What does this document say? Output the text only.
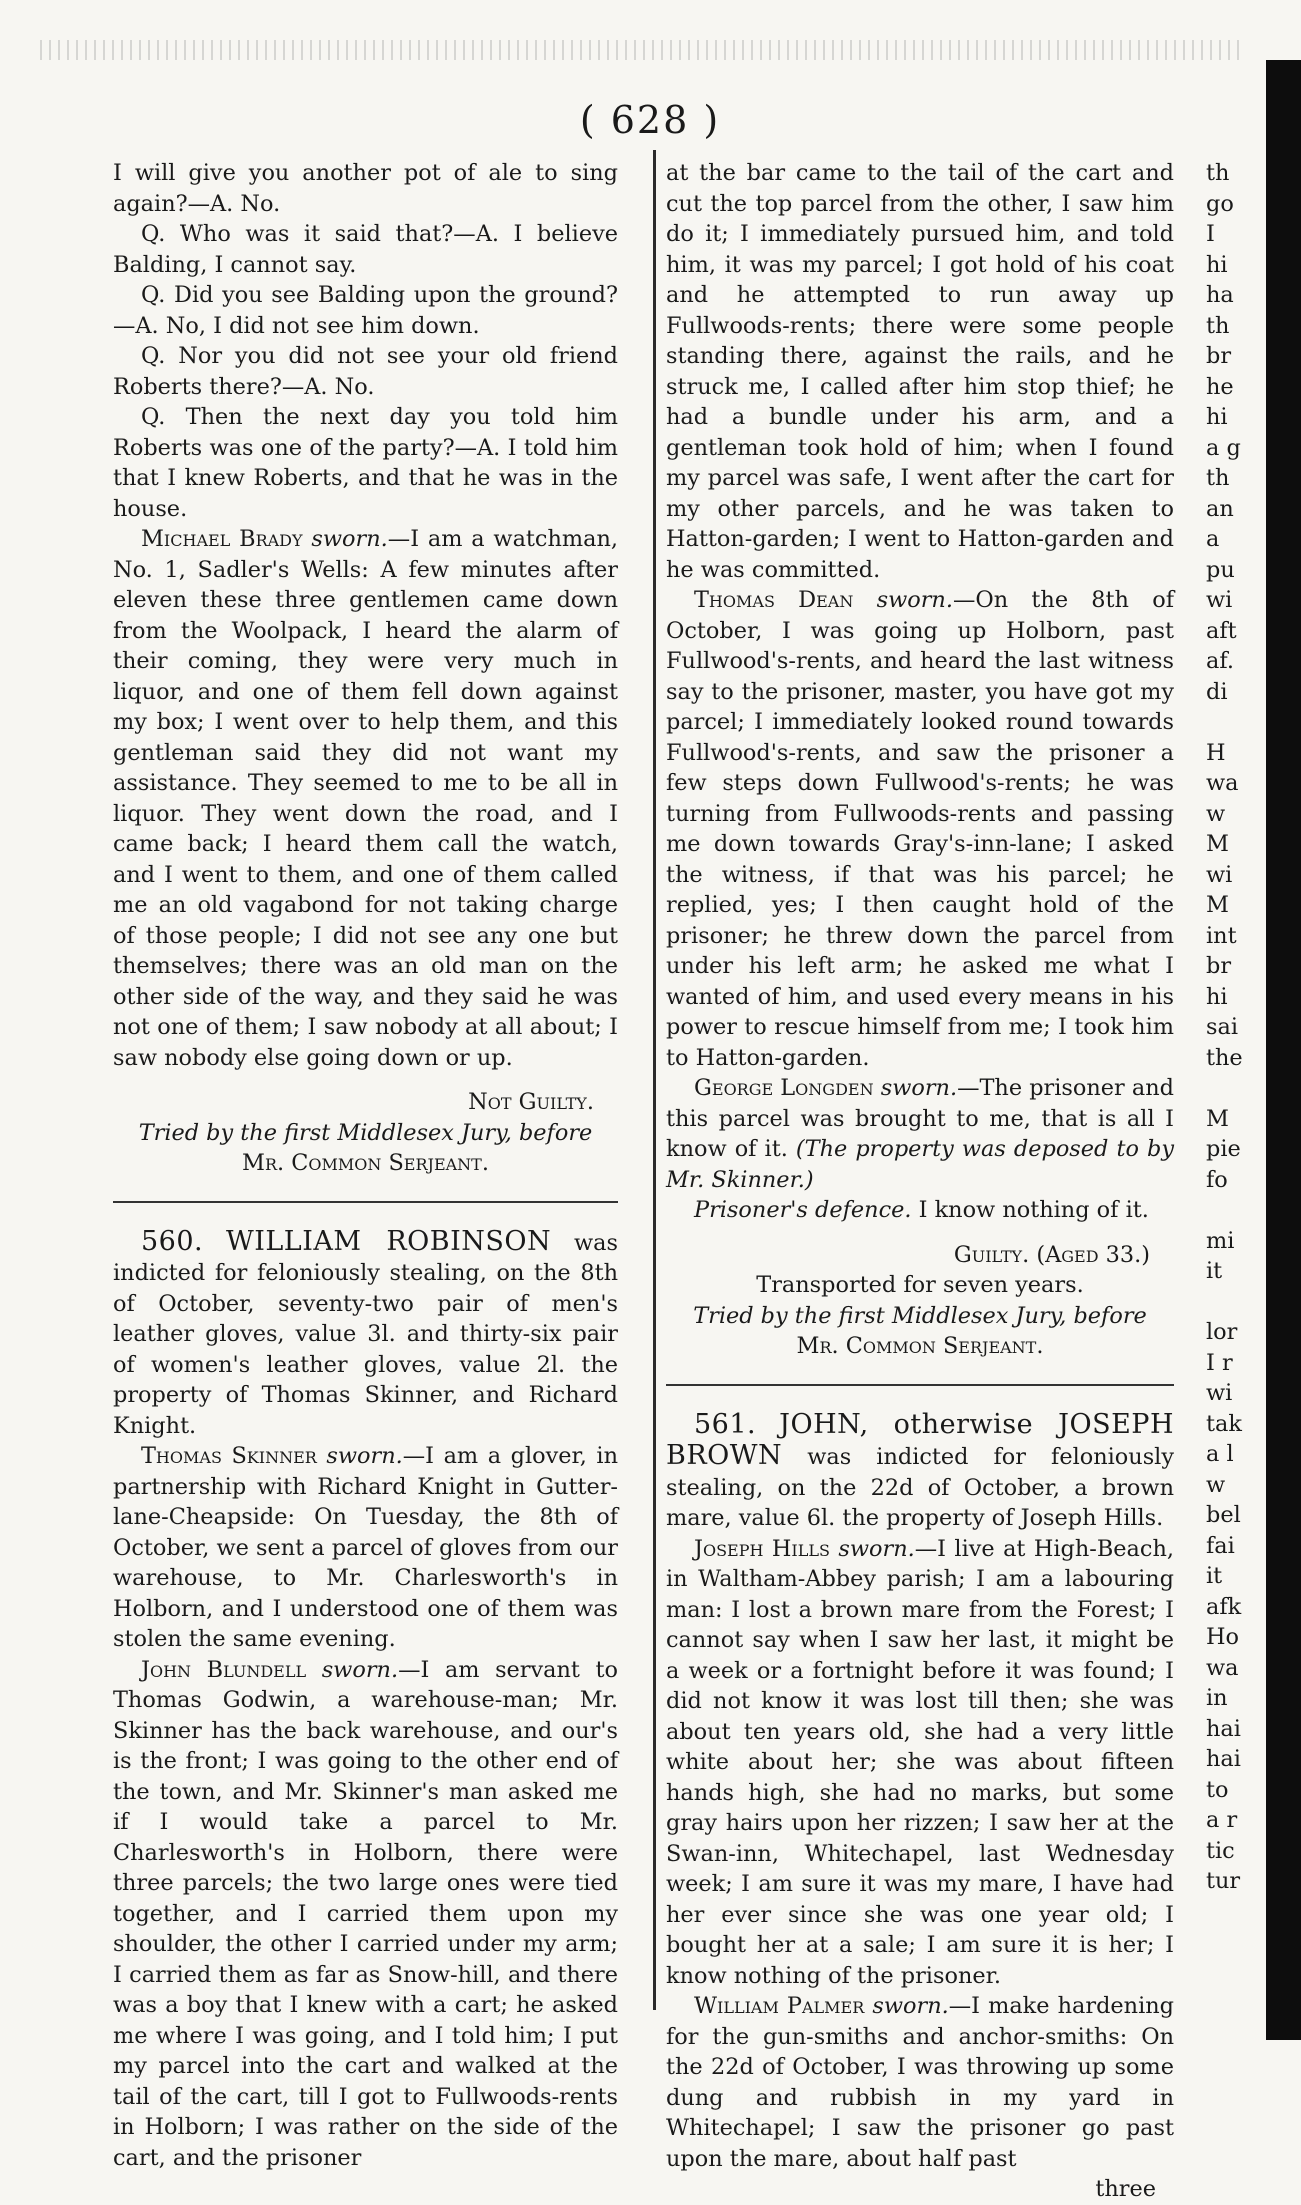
( 628 )

I will give you another pot of ale to sing again?—A. No.

Q. Who was it said that?—A. I believe Balding, I cannot say.

Q. Did you see Balding upon the ground?—A. No, I did not see him down.

Q. Nor you did not see your old friend Roberts there?—A. No.

Q. Then the next day you told him Roberts was one of the party?—A. I told him that I knew Roberts, and that he was in the house.

Michael Brady sworn.—I am a watchman, No. 1, Sadler's Wells: A few minutes after eleven these three gentlemen came down from the Woolpack, I heard the alarm of their coming, they were very much in liquor, and one of them fell down against my box; I went over to help them, and this gentleman said they did not want my assistance. They seemed to me to be all in liquor. They went down the road, and I came back; I heard them call the watch, and I went to them, and one of them called me an old vagabond for not taking charge of those people; I did not see any one but themselves; there was an old man on the other side of the way, and they said he was not one of them; I saw nobody at all about; I saw nobody else going down or up.

Not Guilty.

Tried by the first Middlesex Jury, before

Mr. Common Serjeant.

560. WILLIAM ROBINSON was indicted for feloniously stealing, on the 8th of October, seventy-two pair of men's leather gloves, value 3l. and thirty-six pair of women's leather gloves, value 2l. the property of Thomas Skinner, and Richard Knight.

Thomas Skinner sworn.—I am a glover, in partnership with Richard Knight in Gutter-lane-Cheapside: On Tuesday, the 8th of October, we sent a parcel of gloves from our warehouse, to Mr. Charlesworth's in Holborn, and I understood one of them was stolen the same evening.

John Blundell sworn.—I am servant to Thomas Godwin, a warehouse-man; Mr. Skinner has the back warehouse, and our's is the front; I was going to the other end of the town, and Mr. Skinner's man asked me if I would take a parcel to Mr. Charlesworth's in Holborn, there were three parcels; the two large ones were tied together, and I carried them upon my shoulder, the other I carried under my arm; I carried them as far as Snow-hill, and there was a boy that I knew with a cart; he asked me where I was going, and I told him; I put my parcel into the cart and walked at the tail of the cart, till I got to Fullwoods-rents in Holborn; I was rather on the side of the cart, and the prisoner

at the bar came to the tail of the cart and cut the top parcel from the other, I saw him do it; I immediately pursued him, and told him, it was my parcel; I got hold of his coat and he attempted to run away up Fullwoods-rents; there were some people standing there, against the rails, and he struck me, I called after him stop thief; he had a bundle under his arm, and a gentleman took hold of him; when I found my parcel was safe, I went after the cart for my other parcels, and he was taken to Hatton-garden; I went to Hatton-garden and he was committed.

Thomas Dean sworn.—On the 8th of October, I was going up Holborn, past Fullwood's-rents, and heard the last witness say to the prisoner, master, you have got my parcel; I immediately looked round towards Fullwood's-rents, and saw the prisoner a few steps down Fullwood's-rents; he was turning from Fullwoods-rents and passing me down towards Gray's-inn-lane; I asked the witness, if that was his parcel; he replied, yes; I then caught hold of the prisoner; he threw down the parcel from under his left arm; he asked me what I wanted of him, and used every means in his power to rescue himself from me; I took him to Hatton-garden.

George Longden sworn.—The prisoner and this parcel was brought to me, that is all I know of it. (The property was deposed to by Mr. Skinner.)

Prisoner's defence. I know nothing of it.

Guilty. (Aged 33.)

Transported for seven years.

Tried by the first Middlesex Jury, before

Mr. Common Serjeant.

561. JOHN, otherwise JOSEPH BROWN was indicted for feloniously stealing, on the 22d of October, a brown mare, value 6l. the property of Joseph Hills.

Joseph Hills sworn.—I live at High-Beach, in Waltham-Abbey parish; I am a labouring man: I lost a brown mare from the Forest; I cannot say when I saw her last, it might be a week or a fortnight before it was found; I did not know it was lost till then; she was about ten years old, she had a very little white about her; she was about fifteen hands high, she had no marks, but some gray hairs upon her rizzen; I saw her at the Swan-inn, Whitechapel, last Wednesday week; I am sure it was my mare, I have had her ever since she was one year old; I bought her at a sale; I am sure it is her; I know nothing of the prisoner.

William Palmer sworn.—I make hardening for the gun-smiths and anchor-smiths: On the 22d of October, I was throwing up some dung and rubbish in my yard in Whitechapel; I saw the prisoner go past upon the mare, about half past

three
th
go
I
hi
ha
th
br
he
hi
a g
th
an
a
pu
wi
aft
af.
di
H
wa
w
M
wi
M
int
br
hi
sai
the
M
pie
fo
mi
it
lor
I r
wi
tak
a l
w
bel
fai
it
afk
Ho
wa
in
hai
hai
to
a r
tic
tur
